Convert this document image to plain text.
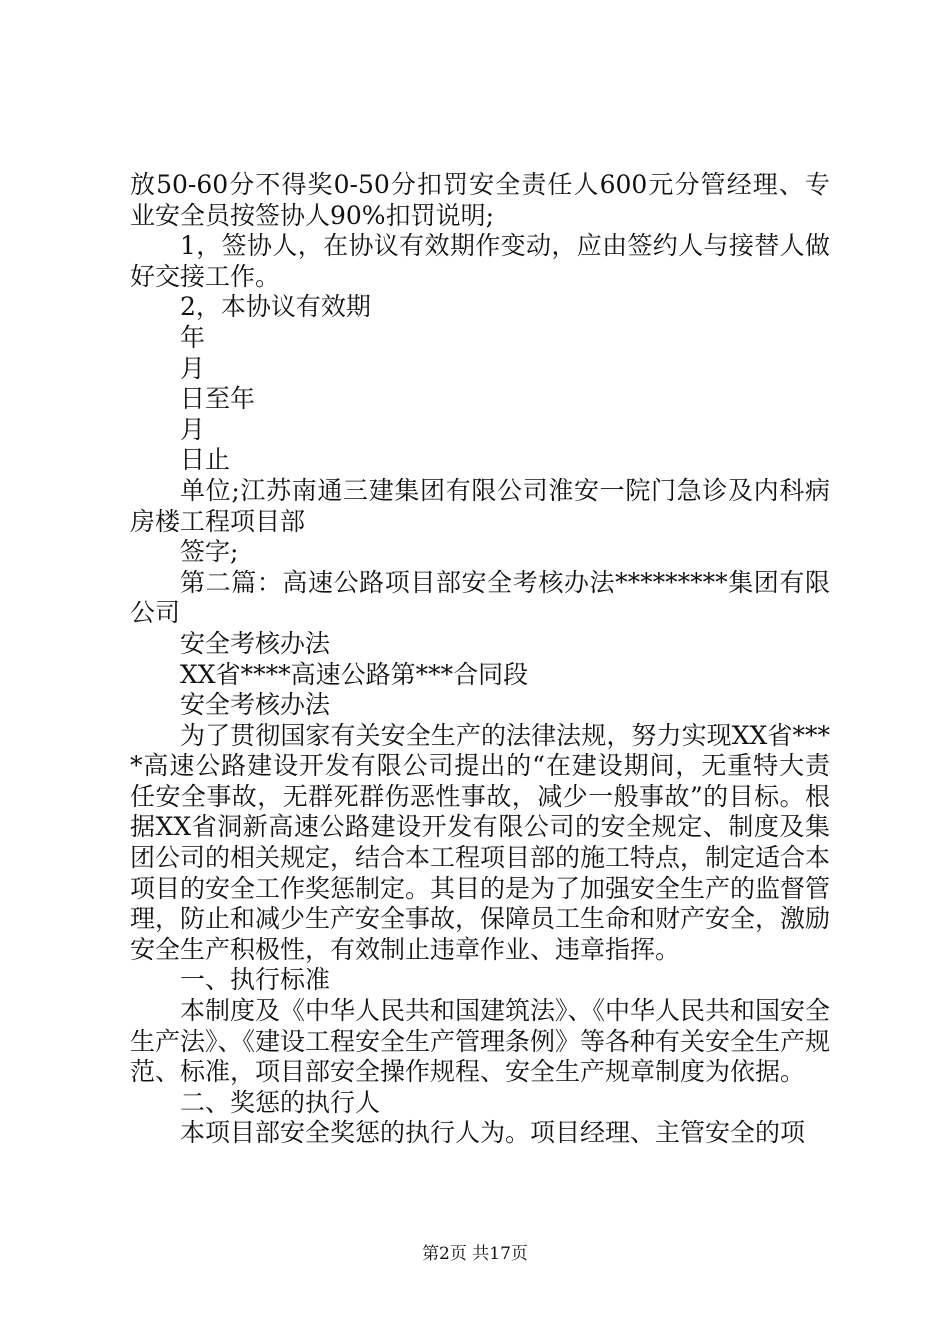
放50-60分不得奖0-50分扣罚安全责任人600元分管经理、专业安全员按签协人90%扣罚说明;

1，签协人，在协议有效期作变动，应由签约人与接替人做好交接工作。

2，本协议有效期

年

月

日至年

月

日止

单位;江苏南通三建集团有限公司淮安一院门急诊及内科病房楼工程项目部

签字;

第二篇：高速公路项目部安全考核办法*********集团有限公司

安全考核办法

XX省****高速公路第***合同段

安全考核办法

为了贯彻国家有关安全生产的法律法规，努力实现XX省****高速公路建设开发有限公司提出的“在建设期间，无重特大责任安全事故，无群死群伤恶性事故，减少一般事故”的目标。根据XX省洞新高速公路建设开发有限公司的安全规定、制度及集团公司的相关规定，结合本工程项目部的施工特点，制定适合本项目的安全工作奖惩制定。其目的是为了加强安全生产的监督管理，防止和减少生产安全事故，保障员工生命和财产安全，激励安全生产积极性，有效制止违章作业、违章指挥。

一、执行标准

本制度及《中华人民共和国建筑法》、《中华人民共和国安全生产法》、《建设工程安全生产管理条例》等各种有关安全生产规范、标准，项目部安全操作规程、安全生产规章制度为依据。

二、奖惩的执行人

本项目部安全奖惩的执行人为。项目经理、主管安全的项

第2页 共17页
